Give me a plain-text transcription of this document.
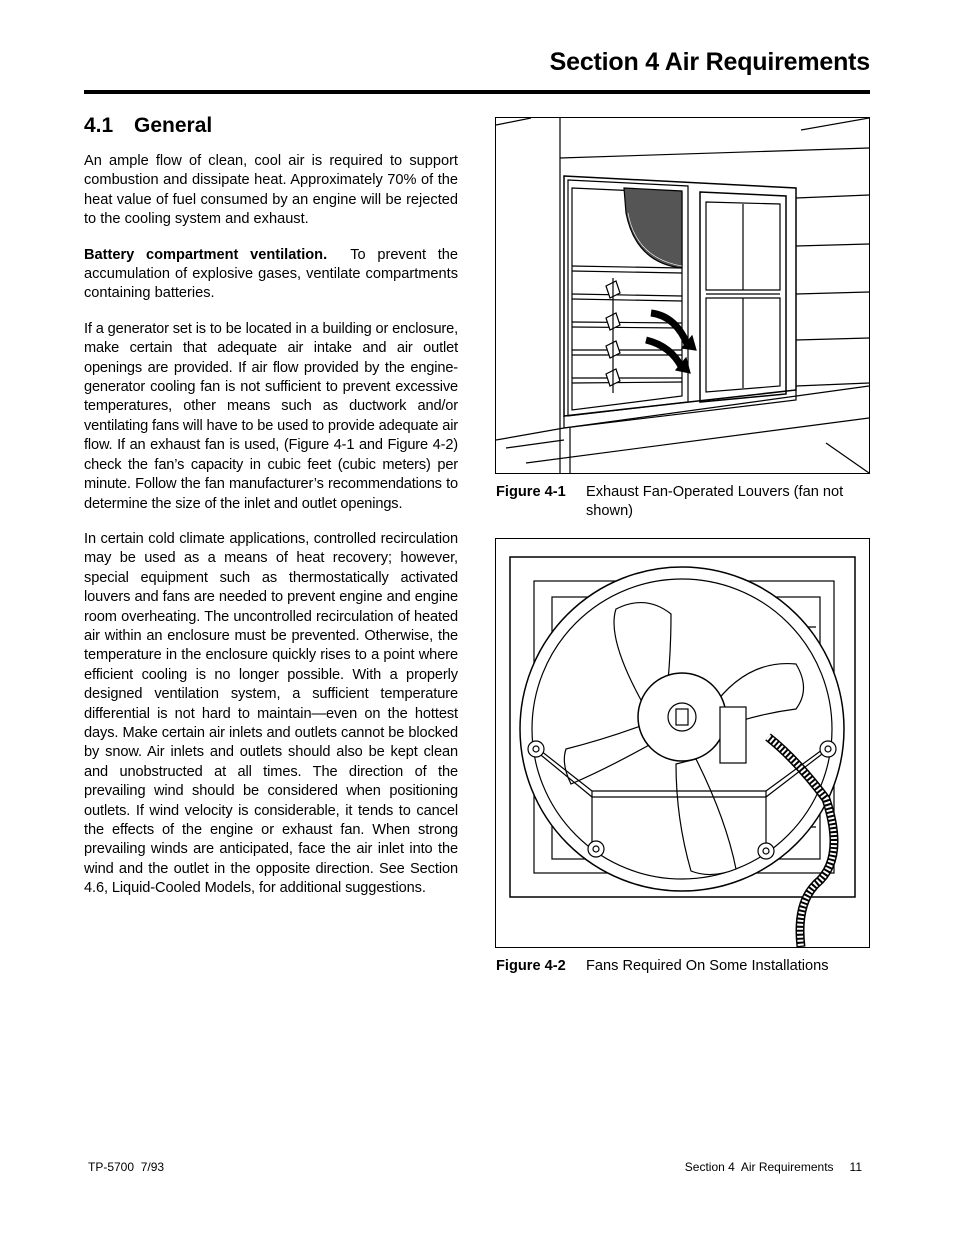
Section 4 Air Requirements
4.1 General

An ample flow of clean, cool air is required to support combustion and dissipate heat. Approximately 70% of the heat value of fuel consumed by an engine will be rejected to the cooling system and exhaust.

Battery compartment ventilation. To prevent the accumulation of explosive gases, ventilate compartments containing batteries.

If a generator set is to be located in a building or enclosure, make certain that adequate air intake and air outlet openings are provided. If air flow provided by the engine-generator cooling fan is not sufficient to prevent excessive temperatures, other means such as ductwork and/or ventilating fans will have to be used to provide adequate air flow. If an exhaust fan is used, (Figure 4-1 and Figure 4-2) check the fan’s capacity in cubic feet (cubic meters) per minute. Follow the fan manufacturer’s recommendations to determine the size of the inlet and outlet openings.

In certain cold climate applications, controlled recirculation may be used as a means of heat recovery; however, special equipment such as thermostatically activated louvers and fans are needed to prevent engine and engine room overheating. The uncontrolled recirculation of heated air within an enclosure must be prevented. Otherwise, the temperature in the enclosure quickly rises to a point where efficient cooling is no longer possible. With a properly designed ventilation system, a sufficient temperature differential is not hard to maintain—even on the hottest days. Make certain air inlets and outlets cannot be blocked by snow. Air inlets and outlets should also be kept clean and unobstructed at all times. The direction of the prevailing wind should be considered when positioning outlets. If wind velocity is considerable, it tends to cancel the effects of the engine or exhaust fan. When strong prevailing winds are anticipated, face the air inlet into the wind and the outlet in the opposite direction. See Section 4.6, Liquid-Cooled Models, for additional suggestions.

Figure 4-1 Exhaust Fan-Operated Louvers (fan not shown)
Figure 4-2 Fans Required On Some Installations
TP-5700  7/93	Section 4  Air Requirements 11
